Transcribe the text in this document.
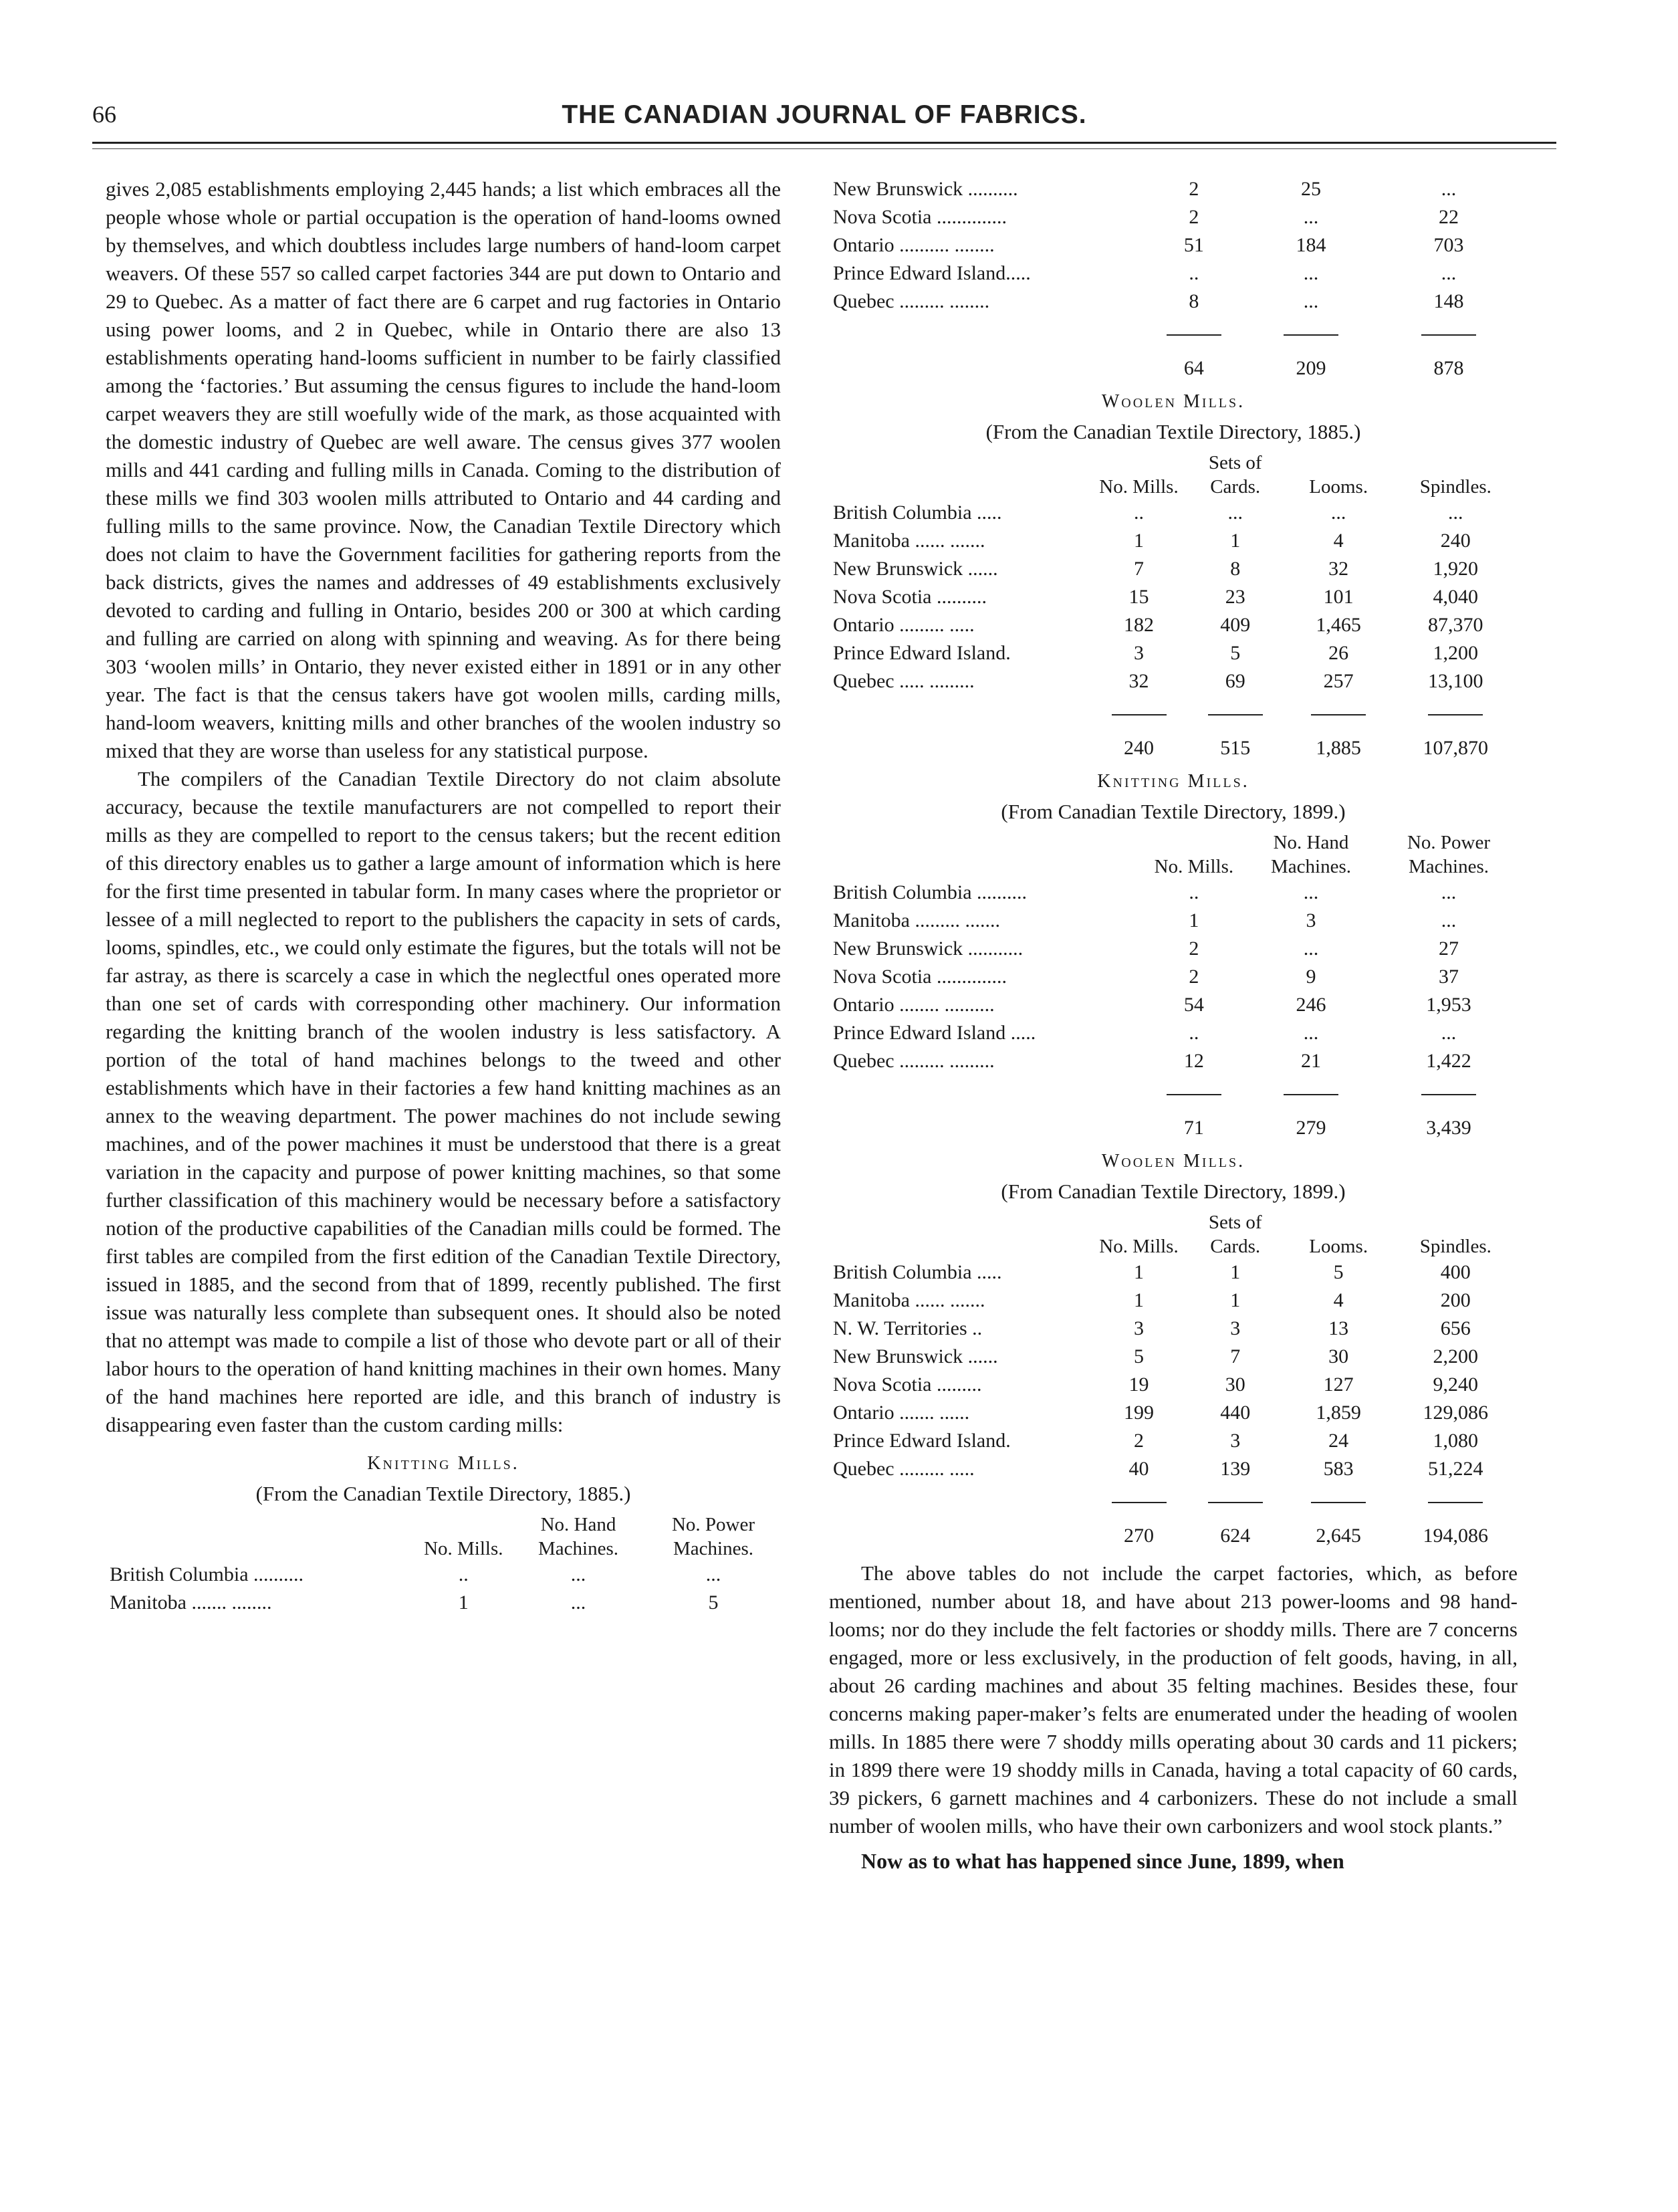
66	THE CANADIAN JOURNAL OF FABRICS.

gives 2,085 establishments employing 2,445 hands; a list which embraces all the people whose whole or partial occupation is the operation of hand-looms owned by themselves, and which doubtless includes large numbers of hand-loom carpet weavers. Of these 557 so called carpet factories 344 are put down to Ontario and 29 to Quebec. As a matter of fact there are 6 carpet and rug factories in Ontario using power looms, and 2 in Quebec, while in Ontario there are also 13 establishments operating hand-looms sufficient in number to be fairly classified among the ‘factories.’ But assuming the census figures to include the hand-loom carpet weavers they are still woefully wide of the mark, as those acquainted with the domestic industry of Quebec are well aware. The census gives 377 woolen mills and 441 carding and fulling mills in Canada. Coming to the distribution of these mills we find 303 woolen mills attributed to Ontario and 44 carding and fulling mills to the same province. Now, the Canadian Textile Directory which does not claim to have the Government facilities for gathering reports from the back districts, gives the names and addresses of 49 establishments exclusively devoted to carding and fulling in Ontario, besides 200 or 300 at which carding and fulling are carried on along with spinning and weaving. As for there being 303 ‘woolen mills’ in Ontario, they never existed either in 1891 or in any other year. The fact is that the census takers have got woolen mills, carding mills, hand-loom weavers, knitting mills and other branches of the woolen industry so mixed that they are worse than useless for any statistical purpose.

The compilers of the Canadian Textile Directory do not claim absolute accuracy, because the textile manufacturers are not compelled to report their mills as they are compelled to report to the census takers; but the recent edition of this directory enables us to gather a large amount of information which is here for the first time presented in tabular form. In many cases where the proprietor or lessee of a mill neglected to report to the publishers the capacity in sets of cards, looms, spindles, etc., we could only estimate the figures, but the totals will not be far astray, as there is scarcely a case in which the neglectful ones operated more than one set of cards with corresponding other machinery. Our information regarding the knitting branch of the woolen industry is less satisfactory. A portion of the total of hand machines belongs to the tweed and other establishments which have in their factories a few hand knitting machines as an annex to the weaving department. The power machines do not include sewing machines, and of the power machines it must be understood that there is a great variation in the capacity and purpose of power knitting machines, so that some further classification of this machinery would be necessary before a satisfactory notion of the productive capabilities of the Canadian mills could be formed. The first tables are compiled from the first edition of the Canadian Textile Directory, issued in 1885, and the second from that of 1899, recently published. The first issue was naturally less complete than subsequent ones. It should also be noted that no attempt was made to compile a list of those who devote part or all of their labor hours to the operation of hand knitting machines in their own homes. Many of the hand machines here reported are idle, and this branch of industry is disappearing even faster than the custom carding mills:

Knitting Mills.
(From the Canadian Textile Directory, 1885.)
	No. Mills.	No. Hand Machines.	No. Power Machines.
British Columbia ..........	..	...	...
Manitoba ....... ........	1	...	5
New Brunswick ..........	2	25	...
Nova Scotia ..............	2	...	22
Ontario .......... ........	51	184	703
Prince Edward Island.....	..	...	...
Quebec ......... ........	8	...	148

	64	209	878
Woolen Mills.
(From the Canadian Textile Directory, 1885.)
	No. Mills.	Sets of Cards.	Looms.	Spindles.
British Columbia .....	..	...	...	...
Manitoba ...... .......	1	1	4	240
New Brunswick ......	7	8	32	1,920
Nova Scotia ..........	15	23	101	4,040
Ontario ......... .....	182	409	1,465	87,370
Prince Edward Island.	3	5	26	1,200
Quebec ..... .........	32	69	257	13,100

	240	515	1,885	107,870
Knitting Mills.
(From Canadian Textile Directory, 1899.)
	No. Mills.	No. Hand Machines.	No. Power Machines.
British Columbia ..........	..	...	...
Manitoba ......... .......	1	3	...
New Brunswick ...........	2	...	27
Nova Scotia ..............	2	9	37
Ontario ........ ..........	54	246	1,953
Prince Edward Island .....	..	...	...
Quebec ......... .........	12	21	1,422

	71	279	3,439
Woolen Mills.
(From Canadian Textile Directory, 1899.)
	No. Mills.	Sets of Cards.	Looms.	Spindles.
British Columbia .....	1	1	5	400
Manitoba ...... .......	1	1	4	200
N. W. Territories ..	3	3	13	656
New Brunswick ......	5	7	30	2,200
Nova Scotia .........	19	30	127	9,240
Ontario ....... ......	199	440	1,859	129,086
Prince Edward Island.	2	3	24	1,080
Quebec ......... .....	40	139	583	51,224

	270	624	2,645	194,086

The above tables do not include the carpet factories, which, as before mentioned, number about 18, and have about 213 power-looms and 98 hand-looms; nor do they include the felt factories or shoddy mills. There are 7 concerns engaged, more or less exclusively, in the production of felt goods, having, in all, about 26 carding machines and about 35 felting machines. Besides these, four concerns making paper-maker’s felts are enumerated under the heading of woolen mills. In 1885 there were 7 shoddy mills operating about 30 cards and 11 pickers; in 1899 there were 19 shoddy mills in Canada, having a total capacity of 60 cards, 39 pickers, 6 garnett machines and 4 carbonizers. These do not include a small number of woolen mills, who have their own carbonizers and wool stock plants.”

Now as to what has happened since June, 1899, when
